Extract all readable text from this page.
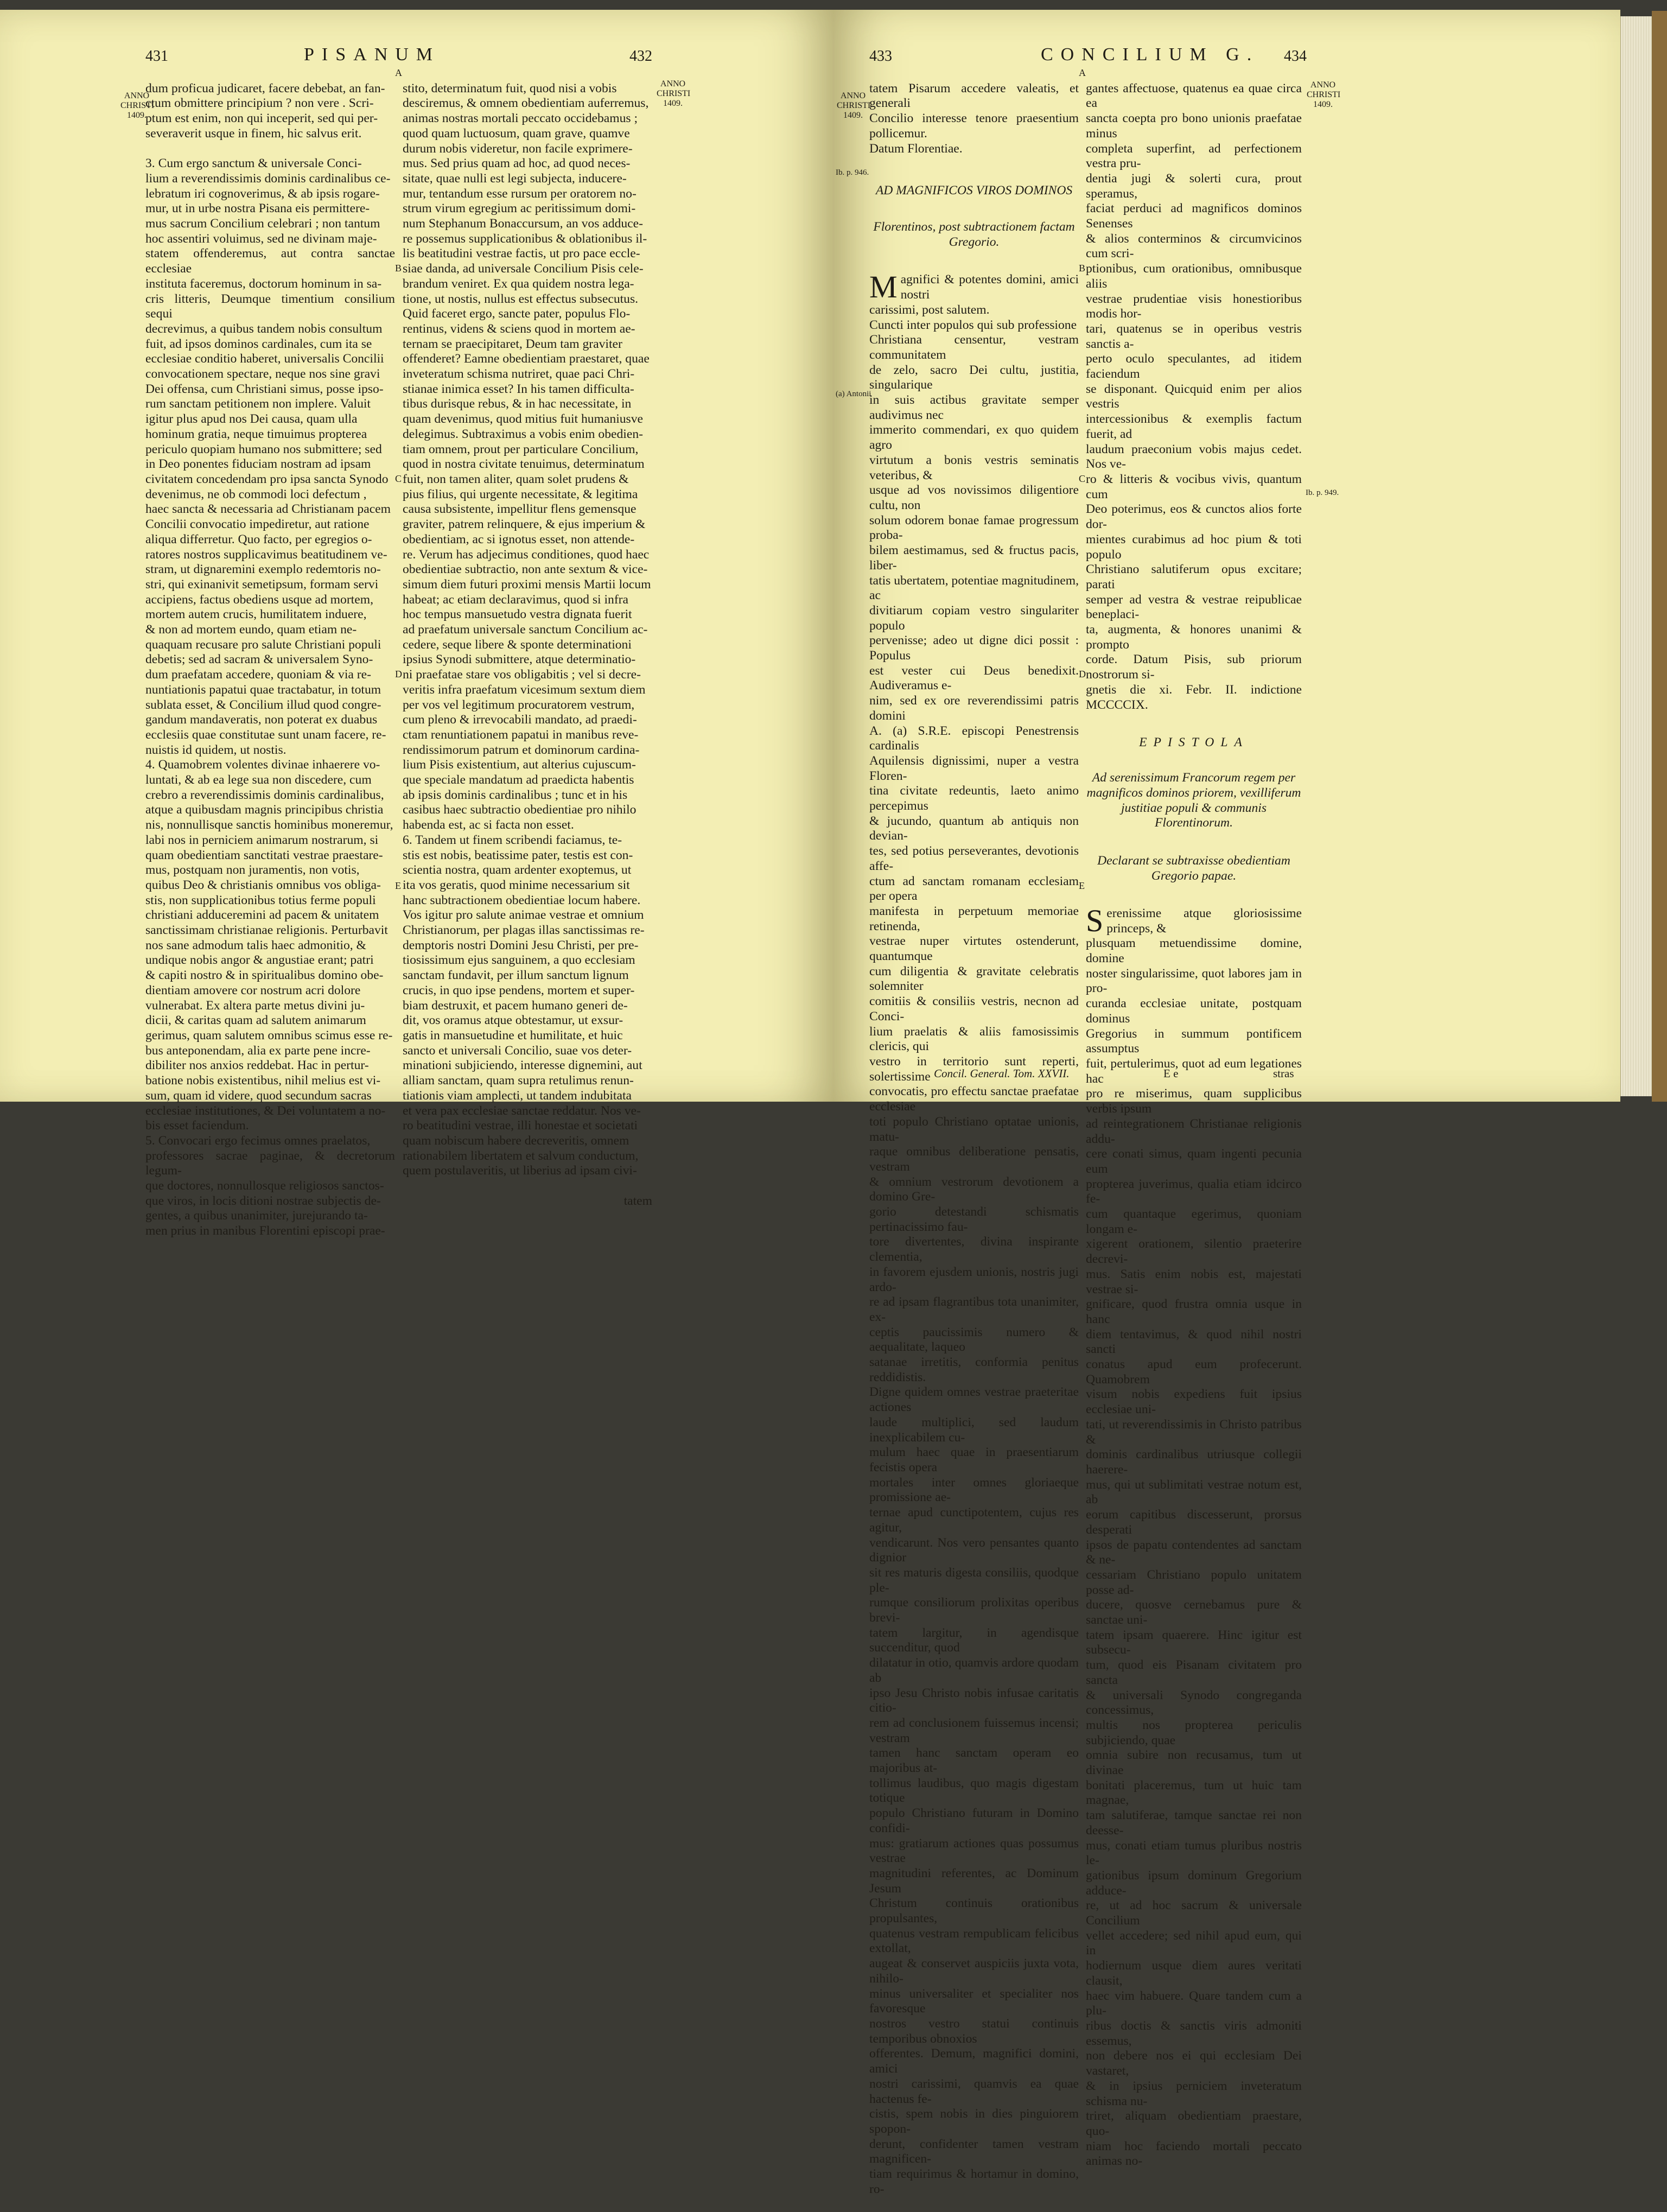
431	PISANUM	432
ANNO CHRISTI 1409.
ANNO CHRISTI 1409.

dum proficua judicaret, facere debebat, an fan-
ctum obmittere principium ? non vere . Scri-
ptum est enim, non qui inceperit, sed qui per-
severaverit usque in finem, hic salvus erit.

3. Cum ergo sanctum & universale Conci-
lium a reverendissimis dominis cardinalibus ce-
lebratum iri cognoverimus, & ab ipsis rogare-
mur, ut in urbe nostra Pisana eis permittere-
mus sacrum Concilium celebrari ; non tantum
hoc assentiri voluimus, sed ne divinam maje-
statem offenderemus, aut contra sanctae ecclesiae
instituta faceremus, doctorum hominum in sa-
cris litteris, Deumque timentium consilium sequi
decrevimus, a quibus tandem nobis consultum
fuit, ad ipsos dominos cardinales, cum ita se
ecclesiae conditio haberet, universalis Concilii
convocationem spectare, neque nos sine gravi
Dei offensa, cum Christiani simus, posse ipso-
rum sanctam petitionem non implere. Valuit
igitur plus apud nos Dei causa, quam ulla
hominum gratia, neque timuimus propterea
periculo quopiam humano nos submittere; sed
in Deo ponentes fiduciam nostram ad ipsam
civitatem concedendam pro ipsa sancta Synodo
devenimus, ne ob commodi loci defectum ,
haec sancta & necessaria ad Christianam pacem
Concilii convocatio impediretur, aut ratione
aliqua differretur. Quo facto, per egregios o-
ratores nostros supplicavimus beatitudinem ve-
stram, ut dignaremini exemplo redemtoris no-
stri, qui exinanivit semetipsum, formam servi
accipiens, factus obediens usque ad mortem,
mortem autem crucis, humilitatem induere,
& non ad mortem eundo, quam etiam ne-
quaquam recusare pro salute Christiani populi
debetis; sed ad sacram & universalem Syno-
dum praefatam accedere, quoniam & via re-
nuntiationis papatui quae tractabatur, in totum
sublata esset, & Concilium illud quod congre-
gandum mandaveratis, non poterat ex duabus
ecclesiis quae constitutae sunt unam facere, re-
nuistis id quidem, ut nostis.
4. Quamobrem volentes divinae inhaerere vo-
luntati, & ab ea lege sua non discedere, cum
crebro a reverendissimis dominis cardinalibus,
atque a quibusdam magnis principibus christia
nis, nonnullisque sanctis hominibus moneremur,
labi nos in perniciem animarum nostrarum, si
quam obedientiam sanctitati vestrae praestare-
mus, postquam non juramentis, non votis,
quibus Deo & christianis omnibus vos obliga-
stis, non supplicationibus totius ferme populi
christiani adduceremini ad pacem & unitatem
sanctissimam christianae religionis. Perturbavit
nos sane admodum talis haec admonitio, &
undique nobis angor & angustiae erant; patri
& capiti nostro & in spiritualibus domino obe-
dientiam amovere cor nostrum acri dolore
vulnerabat. Ex altera parte metus divini ju-
dicii, & caritas quam ad salutem animarum
gerimus, quam salutem omnibus scimus esse re-
bus anteponendam, alia ex parte pene incre-
dibiliter nos anxios reddebat. Hac in pertur-
batione nobis existentibus, nihil melius est vi-
sum, quam id videre, quod secundum sacras
ecclesiae institutiones, & Dei voluntatem a no-
bis esset faciendum.
5. Convocari ergo fecimus omnes praelatos,
professores sacrae paginae, & decretorum legum-
que doctores, nonnullosque religiosos sanctos-
que viros, in locis ditioni nostrae subjectis de-
gentes, a quibus unanimiter, jurejurando ta-
men prius in manibus Florentini episcopi prae-

stito, determinatum fuit, quod nisi a vobis
desciremus, & omnem obedientiam auferremus,
animas nostras mortali peccato occidebamus ;
quod quam luctuosum, quam grave, quamve
durum nobis videretur, non facile exprimere-
mus. Sed prius quam ad hoc, ad quod neces-
sitate, quae nulli est legi subjecta, inducere-
mur, tentandum esse rursum per oratorem no-
strum virum egregium ac peritissimum domi-
num Stephanum Bonaccursum, an vos adduce-
re possemus supplicationibus & oblationibus il-
lis beatitudini vestrae factis, ut pro pace eccle-
siae danda, ad universale Concilium Pisis cele-
brandum veniret. Ex qua quidem nostra lega-
tione, ut nostis, nullus est effectus subsecutus.
Quid faceret ergo, sancte pater, populus Flo-
rentinus, videns & sciens quod in mortem ae-
ternam se praecipitaret, Deum tam graviter
offenderet? Eamne obedientiam praestaret, quae
inveteratum schisma nutriret, quae paci Chri-
stianae inimica esset? In his tamen difficulta-
tibus durisque rebus, & in hac necessitate, in
quam devenimus, quod mitius fuit humaniusve
delegimus. Subtraximus a vobis enim obedien-
tiam omnem, prout per particulare Concilium,
quod in nostra civitate tenuimus, determinatum
fuit, non tamen aliter, quam solet prudens &
pius filius, qui urgente necessitate, & legitima
causa subsistente, impellitur flens gemensque
graviter, patrem relinquere, & ejus imperium &
obedientiam, ac si ignotus esset, non attende-
re. Verum has adjecimus conditiones, quod haec
obedientiae subtractio, non ante sextum & vice-
simum diem futuri proximi mensis Martii locum
habeat; ac etiam declaravimus, quod si infra
hoc tempus mansuetudo vestra dignata fuerit
ad praefatum universale sanctum Concilium ac-
cedere, seque libere & sponte determinationi
ipsius Synodi submittere, atque determinatio-
ni praefatae stare vos obligabitis ; vel si decre-
veritis infra praefatum vicesimum sextum diem
per vos vel legitimum procuratorem vestrum,
cum pleno & irrevocabili mandato, ad praedi-
ctam renuntiationem papatui in manibus reve-
rendissimorum patrum et dominorum cardina-
lium Pisis existentium, aut alterius cujuscum-
que speciale mandatum ad praedicta habentis
ab ipsis dominis cardinalibus ; tunc et in his
casibus haec subtractio obedientiae pro nihilo
habenda est, ac si facta non esset.
6. Tandem ut finem scribendi faciamus, te-
stis est nobis, beatissime pater, testis est con-
scientia nostra, quam ardenter exoptemus, ut
ita vos geratis, quod minime necessarium sit
hanc subtractionem obedientiae locum habere.
Vos igitur pro salute animae vestrae et omnium
Christianorum, per plagas illas sanctissimas re-
demptoris nostri Domini Jesu Christi, per pre-
tiosissimum ejus sanguinem, a quo ecclesiam
sanctam fundavit, per illum sanctum lignum
crucis, in quo ipse pendens, mortem et super-
biam destruxit, et pacem humano generi de-
dit, vos oramus atque obtestamur, ut exsur-
gatis in mansuetudine et humilitate, et huic
sancto et universali Concilio, suae vos deter-
minationi subjiciendo, interesse dignemini, aut
alliam sanctam, quam supra retulimus renun-
tiationis viam amplecti, ut tandem indubitata
et vera pax ecclesiae sanctae reddatur. Nos ve-
ro beatitudini vestrae, illi honestae et societati
quam nobiscum habere decreveritis, omnem
rationabilem libertatem et salvum conductum,
quem postulaveritis, ut liberius ad ipsam civi-

tatem

A
B
C
D
E
433	CONCILIUM G. 434
ANNO CHRISTI 1409.
ANNO CHRISTI 1409.
Ib. p. 946.
(a) Antonii
Ib. p. 949.

tatem Pisarum accedere valeatis, et generali
Concilio interesse tenore praesentium pollicemur.
Datum Florentiae.

AD MAGNIFICOS VIROS DOMINOS

Florentinos, post subtractionem factam Gregorio.

Magnifici & potentes domini, amici nostri
carissimi, post salutem.
Cuncti inter populos qui sub professione
Christiana censentur, vestram communitatem
de zelo, sacro Dei cultu, justitia, singularique
in suis actibus gravitate semper audivimus nec
immerito commendari, ex quo quidem agro
virtutum a bonis vestris seminatis veteribus, &
usque ad vos novissimos diligentiore cultu, non
solum odorem bonae famae progressum proba-
bilem aestimamus, sed & fructus pacis, liber-
tatis ubertatem, potentiae magnitudinem, ac
divitiarum copiam vestro singulariter populo
pervenisse; adeo ut digne dici possit : Populus
est vester cui Deus benedixit. Audiveramus e-
nim, sed ex ore reverendissimi patris domini
A. (a) S.R.E. episcopi Penestrensis cardinalis
Aquilensis dignissimi, nuper a vestra Floren-
tina civitate redeuntis, laeto animo percepimus
& jucundo, quantum ab antiquis non devian-
tes, sed potius perseverantes, devotionis affe-
ctum ad sanctam romanam ecclesiam per opera
manifesta in perpetuum memoriae retinenda,
vestrae nuper virtutes ostenderunt, quantumque
cum diligentia & gravitate celebratis solemniter
comitiis & consiliis vestris, necnon ad Conci-
lium praelatis & aliis famosissimis clericis, qui
vestro in territorio sunt reperti, solertissime
convocatis, pro effectu sanctae praefatae ecclesiae
toti populo Christiano optatae unionis, matu-
raque omnibus deliberatione pensatis, vestram
& omnium vestrorum devotionem a domino Gre-
gorio detestandi schismatis pertinacissimo fau-
tore divertentes, divina inspirante clementia,
in favorem ejusdem unionis, nostris jugi ardo-
re ad ipsam flagrantibus tota unanimiter, ex-
ceptis paucissimis numero & aequalitate, laqueo
satanae irretitis, conformia penitus reddidistis.
Digne quidem omnes vestrae praeteritae actiones
laude multiplici, sed laudum inexplicabilem cu-
mulum haec quae in praesentiarum fecistis opera
mortales inter omnes gloriaeque promissione ae-
ternae apud cunctipotentem, cujus res agitur,
vendicarunt. Nos vero pensantes quanto dignior
sit res maturis digesta consiliis, quodque ple-
rumque consiliorum prolixitas operibus brevi-
tatem largitur, in agendisque succenditur, quod
dilatatur in otio, quamvis ardore quodam ab
ipso Jesu Christo nobis infusae caritatis citio-
rem ad conclusionem fuissemus incensi; vestram
tamen hanc sanctam operam eo majoribus at-
tollimus laudibus, quo magis digestam totique
populo Christiano futuram in Domino confidi-
mus: gratiarum actiones quas possumus vestrae
magnitudini referentes, ac Dominum Jesum
Christum continuis orationibus propulsantes,
quatenus vestram rempublicam felicibus extollat,
augeat & conservet auspiciis juxta vota, nihilo-
minus universaliter et specialiter nos favoresque
nostros vestro statui continuis temporibus obnoxios
offerentes. Demum, magnifici domini, amici
nostri carissimi, quamvis ea quae hactenus fe-
cistis, spem nobis in dies pinguiorem spopon-
derunt, confidenter tamen vestram magnificen-
tiam requirimus & hortamur in domino, ro-

gantes affectuose, quatenus ea quae circa ea
sancta coepta pro bono unionis praefatae minus
completa superfint, ad perfectionem vestra pru-
dentia jugi & solerti cura, prout speramus,
faciat perduci ad magnificos dominos Senenses
& alios conterminos & circumvicinos cum scri-
ptionibus, cum orationibus, omnibusque aliis
vestrae prudentiae visis honestioribus modis hor-
tari, quatenus se in operibus vestris sanctis a-
perto oculo speculantes, ad itidem faciendum
se disponant. Quicquid enim per alios vestris
intercessionibus & exemplis factum fuerit, ad
laudum praeconium vobis majus cedet. Nos ve-
ro & litteris & vocibus vivis, quantum cum
Deo poterimus, eos & cunctos alios forte dor-
mientes curabimus ad hoc pium & toti populo
Christiano salutiferum opus excitare; parati
semper ad vestra & vestrae reipublicae beneplaci-
ta, augmenta, & honores unanimi & prompto
corde. Datum Pisis, sub priorum nostrorum si-
gnetis die xi. Febr. II. indictione MCCCCIX.

EPISTOLA

Ad serenissimum Francorum regem per magnificos dominos priorem, vexilliferum justitiae populi & communis Florentinorum.

Declarant se subtraxisse obedientiam Gregorio papae.

Serenissime atque gloriosissime princeps, &
plusquam metuendissime domine, domine
noster singularissime, quot labores jam in pro-
curanda ecclesiae unitate, postquam dominus
Gregorius in summum pontificem assumptus
fuit, pertulerimus, quot ad eum legationes hac
pro re miserimus, quam supplicibus verbis ipsum
ad reintegrationem Christianae religionis addu-
cere conati simus, quam ingenti pecunia eum
propterea juverimus, qualia etiam idcirco fe-
cum quantaque egerimus, quoniam longam e-
xigerent orationem, silentio praeterire decrevi-
mus. Satis enim nobis est, majestati vestrae si-
gnificare, quod frustra omnia usque in hanc
diem tentavimus, & quod nihil nostri sancti
conatus apud eum profecerunt. Quamobrem
visum nobis expediens fuit ipsius ecclesiae uni-
tati, ut reverendissimis in Christo patribus &
dominis cardinalibus utriusque collegii haererе-
mus, qui ut sublimitati vestrae notum est, ab
eorum capitibus discesserunt, prorsus desperati
ipsos de papatu contendentes ad sanctam & ne-
cessariam Christiano populo unitatem posse ad-
ducere, quosve cernebamus pure & sanctae uni-
tatem ipsam quaerere. Hinc igitur est subsecu-
tum, quod eis Pisanam civitatem pro sancta
& universali Synodo congreganda concessimus,
multis nos propterea periculis subjiciendo, quae
omnia subire non recusamus, tum ut divinae
bonitati placeremus, tum ut huic tam magnae,
tam salutiferae, tamque sanctae rei non deesse-
mus, conati etiam tumus pluribus nostris le-
gationibus ipsum dominum Gregorium adduce-
re, ut ad hoc sacrum & universale Concilium
vellet accedere; sed nihil apud eum, qui in
hodiernum usque diem aures veritati clausit,
haec vim habuere. Quare tandem cum a plu-
ribus doctis & sanctis viris admoniti essemus,
non debere nos ei qui ecclesiam Dei vastaret,
& in ipsius perniciem inveteratum schisma nu-
triret, aliquam obedientiam praestare, quo-
niam hoc faciendo mortali peccato animas no-

A
B
C
D
E
Concil. General. Tom. XXVII.	E e	stras
